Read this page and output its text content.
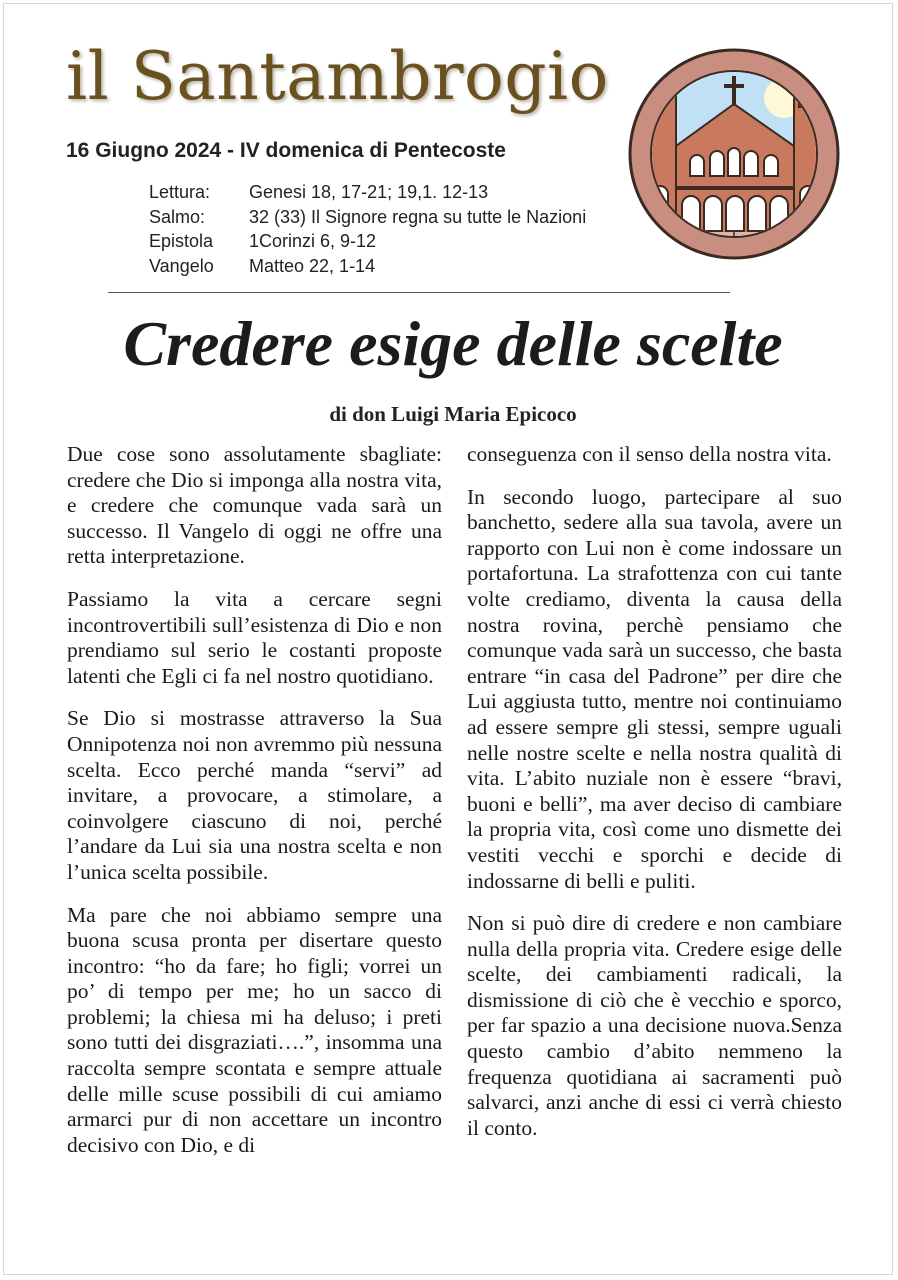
il Santambrogio
16 Giugno 2024 - IV domenica di Pentecoste
Lettura:	Genesi 18, 17-21; 19,1. 12-13
Salmo:	32 (33) Il Signore regna su tutte le Nazioni
Epistola	1Corinzi 6, 9-12
Vangelo	Matteo 22, 1-14
Credere esige delle scelte
di don Luigi Maria Epicoco

Due cose sono assolutamente sbagliate: credere che Dio si imponga alla nostra vita, e credere che comunque vada sarà un successo. Il Vangelo di oggi ne offre una retta interpretazione.

Passiamo la vita a cercare segni incontrovertibili sull’esistenza di Dio e non prendiamo sul serio le costanti proposte latenti che Egli ci fa nel nostro quotidiano.

Se Dio si mostrasse attraverso la Sua Onnipotenza noi non avremmo più nessuna scelta. Ecco perché manda “servi” ad invitare, a provocare, a stimolare, a coinvolgere ciascuno di noi, perché l’andare da Lui sia una nostra scelta e non l’unica scelta possibile.

Ma pare che noi abbiamo sempre una buona scusa pronta per disertare questo incontro: “ho da fare; ho figli; vorrei un po’ di tempo per me; ho un sacco di problemi; la chiesa mi ha deluso; i preti sono tutti dei disgraziati….”, insomma una raccolta sempre scontata e sempre attuale delle mille scuse possibili di cui amiamo armarci pur di non accettare un incontro decisivo con Dio, e di

conseguenza con il senso della nostra vita.

In secondo luogo, partecipare al suo banchetto, sedere alla sua tavola, avere un rapporto con Lui non è come indossare un portafortuna. La strafottenza con cui tante volte crediamo, diventa la causa della nostra rovina, perchè pensiamo che comunque vada sarà un successo, che basta entrare “in casa del Padrone” per dire che Lui aggiusta tutto, mentre noi continuiamo ad essere sempre gli stessi, sempre uguali nelle nostre scelte e nella nostra qualità di vita. L’abito nuziale non è essere “bravi, buoni e belli”, ma aver deciso di cambiare la propria vita, così come uno dismette dei vestiti vecchi e sporchi e decide di indossarne di belli e puliti.

Non si può dire di credere e non cambiare nulla della propria vita. Credere esige delle scelte, dei cambiamenti radicali, la dismissione di ciò che è vecchio e sporco, per far spazio a una decisione nuova.Senza questo cambio d’abito nemmeno la frequenza quotidiana ai sacramenti può salvarci, anzi anche di essi ci verrà chiesto il conto.
